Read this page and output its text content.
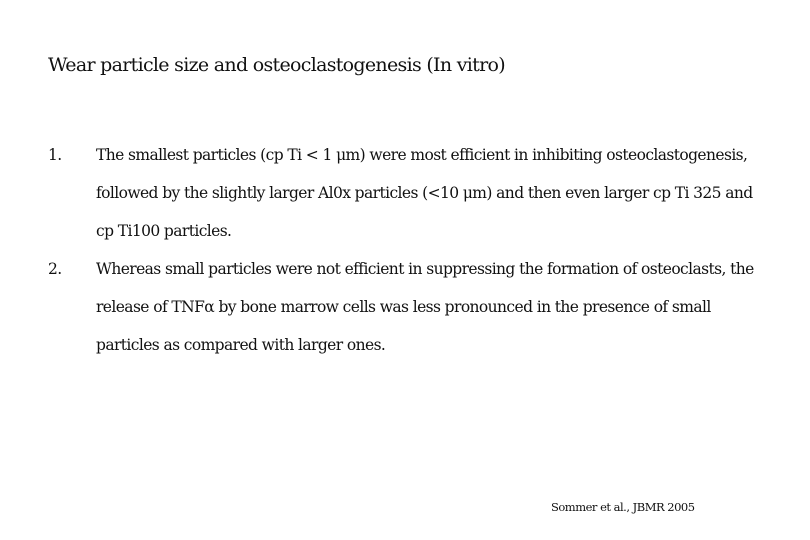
Wear particle size and osteoclastogenesis (In vitro)
1. The smallest particles (cp Ti < 1 μm) were most efficient in inhibiting osteoclastogenesis,
followed by the slightly larger Al0x particles (<10 μm) and then even larger cp Ti 325 and
cp Ti100 particles.
2. Whereas small particles were not efficient in suppressing the formation of osteoclasts, the
release of TNFα by bone marrow cells was less pronounced in the presence of small
particles as compared with larger ones.
Sommer et al., JBMR 2005
